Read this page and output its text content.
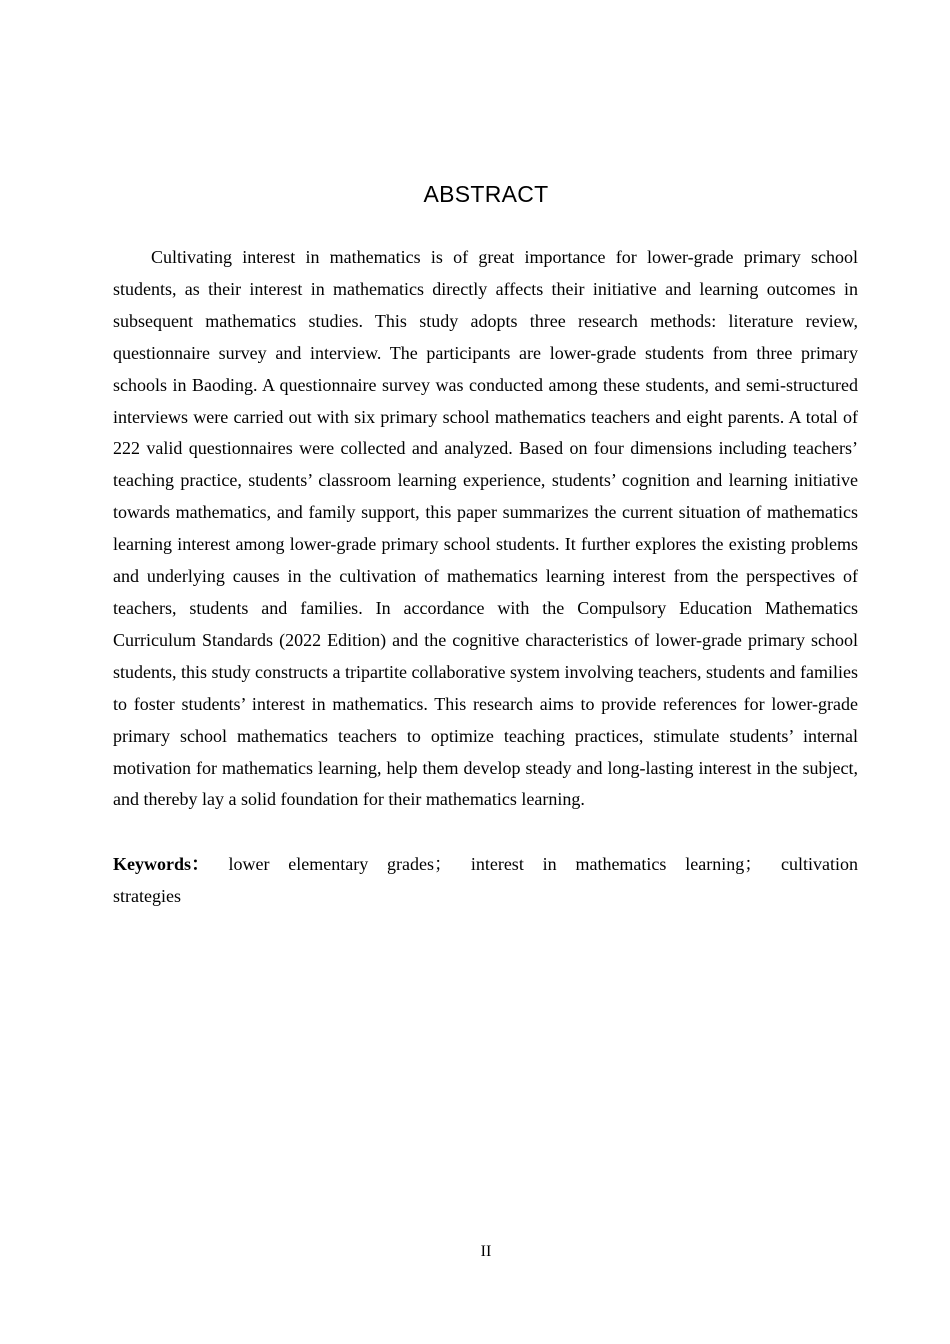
ABSTRACT

Cultivating interest in mathematics is of great importance for lower-grade primary school students, as their interest in mathematics directly affects their initiative and learning outcomes in subsequent mathematics studies. This study adopts three research methods: literature review, questionnaire survey and interview. The participants are lower-grade students from three primary schools in Baoding. A questionnaire survey was conducted among these students, and semi-structured interviews were carried out with six primary school mathematics teachers and eight parents. A total of 222 valid questionnaires were collected and analyzed. Based on four dimensions including teachers’ teaching practice, students’ classroom learning experience, students’ cognition and learning initiative towards mathematics, and family support, this paper summarizes the current situation of mathematics learning interest among lower-grade primary school students. It further explores the existing problems and underlying causes in the cultivation of mathematics learning interest from the perspectives of teachers, students and families. In accordance with the Compulsory Education Mathematics Curriculum Standards (2022 Edition) and the cognitive characteristics of lower-grade primary school students, this study constructs a tripartite collaborative system involving teachers, students and families to foster students’ interest in mathematics. This research aims to provide references for lower-grade primary school mathematics teachers to optimize teaching practices, stimulate students’ internal motivation for mathematics learning, help them develop steady and long-lasting interest in the subject, and thereby lay a solid foundation for their mathematics learning.

Keywords： lower elementary grades； interest in mathematics learning； cultivation strategies

II
